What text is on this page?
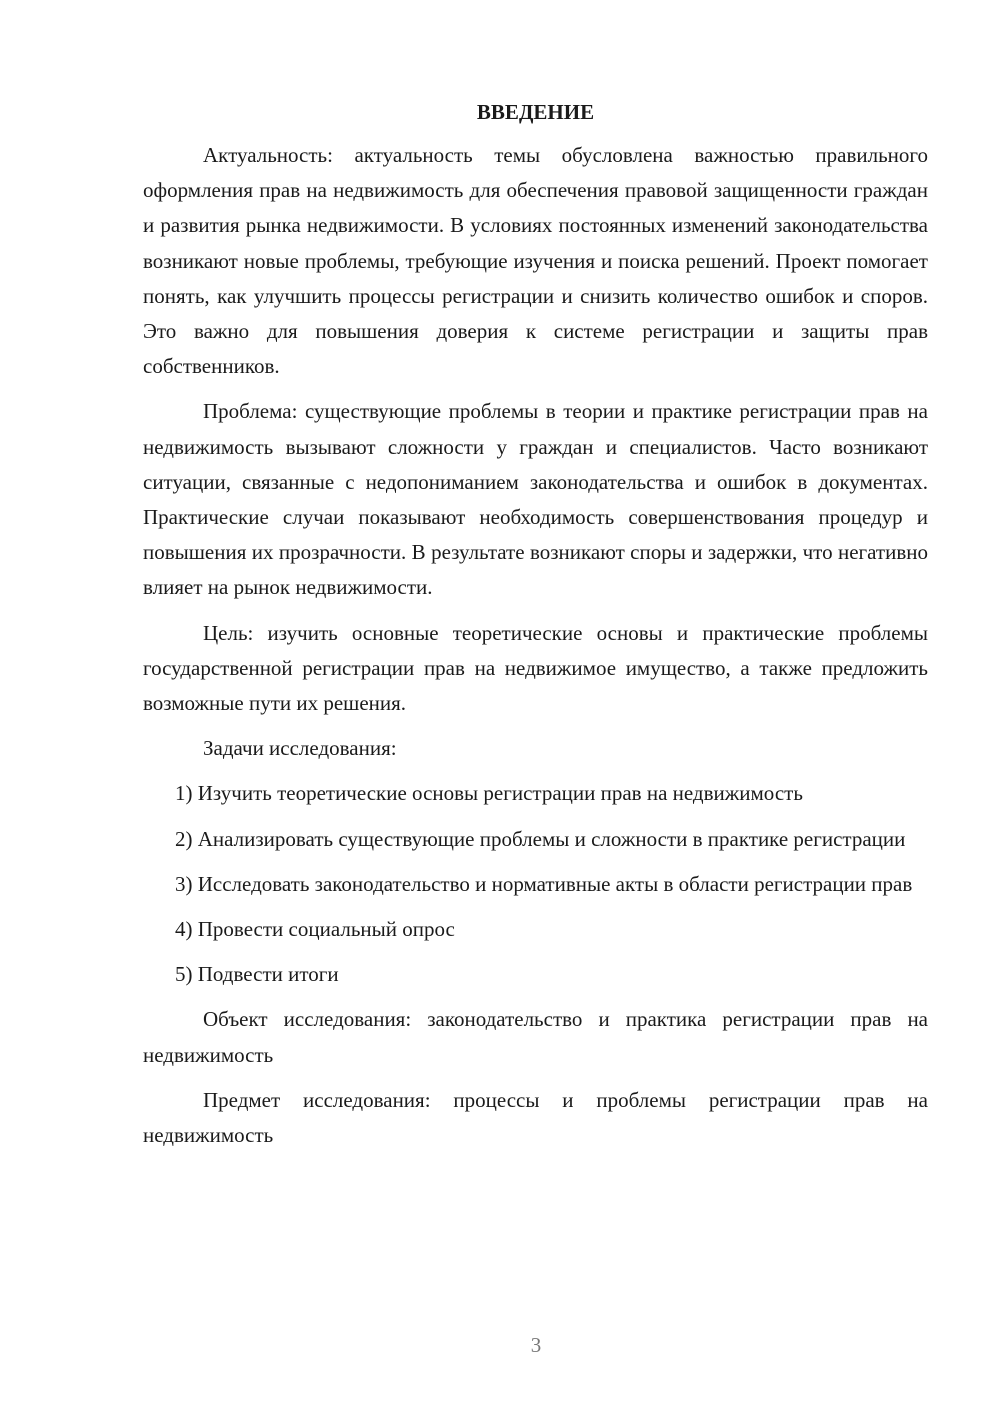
ВВЕДЕНИЕ

Актуальность: актуальность темы обусловлена важностью правильного оформления прав на недвижимость для обеспечения правовой защищенности граждан и развития рынка недвижимости. В условиях постоянных изменений законодательства возникают новые проблемы, требующие изучения и поиска решений. Проект помогает понять, как улучшить процессы регистрации и снизить количество ошибок и споров. Это важно для повышения доверия к системе регистрации и защиты прав собственников.

Проблема: существующие проблемы в теории и практике регистрации прав на недвижимость вызывают сложности у граждан и специалистов. Часто возникают ситуации, связанные с недопониманием законодательства и ошибок в документах. Практические случаи показывают необходимость совершенствования процедур и повышения их прозрачности. В результате возникают споры и задержки, что негативно влияет на рынок недвижимости.

Цель: изучить основные теоретические основы и практические проблемы государственной регистрации прав на недвижимое имущество, а также предложить возможные пути их решения.

Задачи исследования:

1) Изучить теоретические основы регистрации прав на недвижимость

2) Анализировать существующие проблемы и сложности в практике регистрации

3) Исследовать законодательство и нормативные акты в области регистрации прав

4) Провести социальный опрос

5) Подвести итоги

Объект исследования: законодательство и практика регистрации прав на недвижимость

Предмет исследования: процессы и проблемы регистрации прав на недвижимость

3
